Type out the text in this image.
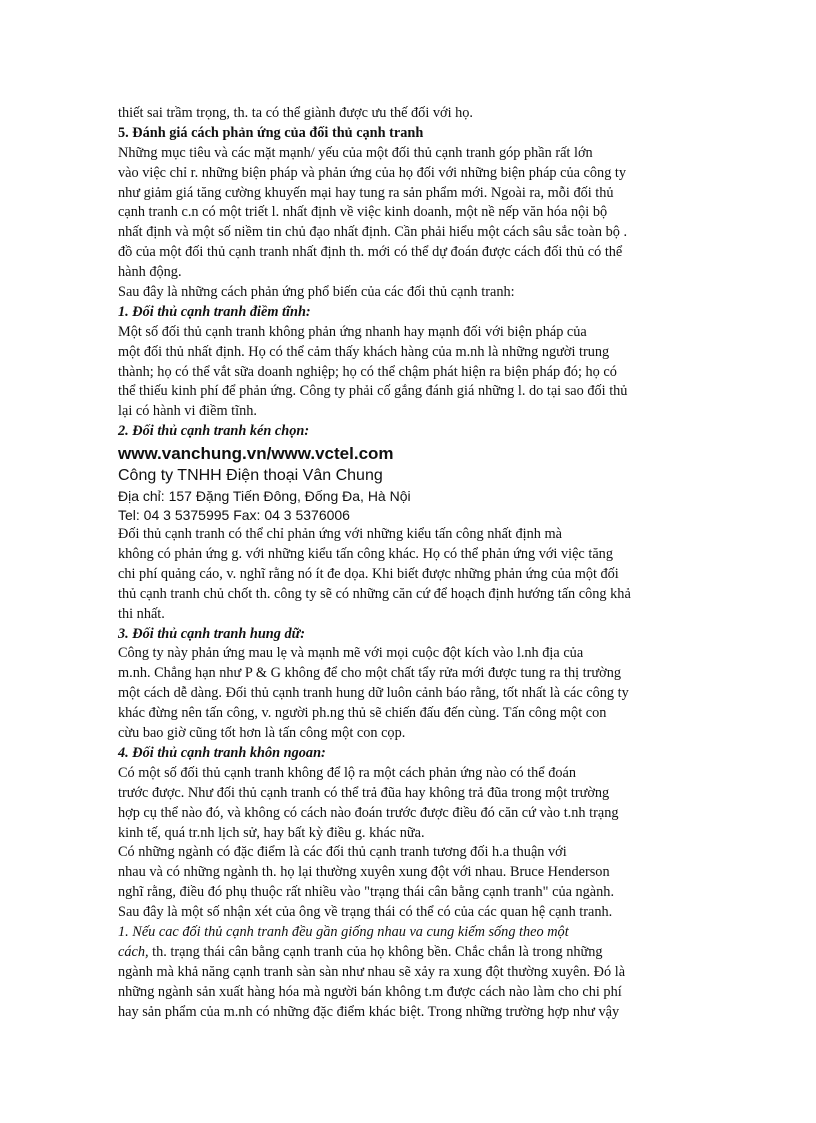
thiết sai trầm trọng, th. ta có thể giành được ưu thế đối với họ.
5. Đánh giá cách phản ứng của đối thủ cạnh tranh
Những mục tiêu và các mặt mạnh/ yếu của một đối thủ cạnh tranh góp phần rất lớn
vào việc chỉ r. những biện pháp và phản ứng của họ đối với những biện pháp của công ty
như giảm giá tăng cường khuyến mại hay tung ra sản phẩm mới. Ngoài ra, mỗi đối thủ
cạnh tranh c.n có một triết l. nhất định về việc kinh doanh, một nề nếp văn hóa nội bộ
nhất định và một số niềm tin chủ đạo nhất định. Cần phải hiểu một cách sâu sắc toàn bộ .
đồ của một đối thủ cạnh tranh nhất định th. mới có thể dự đoán được cách đối thủ có thể
hành động.
Sau đây là những cách phản ứng phổ biến của các đối thủ cạnh tranh:
1. Đối thủ cạnh tranh điềm tĩnh:
Một số đối thủ cạnh tranh không phản ứng nhanh hay mạnh đối với biện pháp của
một đối thủ nhất định. Họ có thể cảm thấy khách hàng của m.nh là những người trung
thành; họ có thể vắt sữa doanh nghiệp; họ có thể chậm phát hiện ra biện pháp đó; họ có
thể thiếu kinh phí để phản ứng. Công ty phải cố gắng đánh giá những l. do tại sao đối thủ
lại có hành vi điềm tĩnh.
2. Đối thủ cạnh tranh kén chọn:
www.vanchung.vn/www.vctel.com
Công ty TNHH Điện thoại Vân Chung
Địa chỉ: 157 Đặng Tiến Đông, Đống Đa, Hà Nội
Tel: 04 3 5375995 Fax: 04 3 5376006
Đối thủ cạnh tranh có thể chỉ phản ứng với những kiểu tấn công nhất định mà
không có phản ứng g. với những kiểu tấn công khác. Họ có thể phản ứng với việc tăng
chi phí quảng cáo, v. nghĩ rằng nó ít đe dọa. Khi biết được những phản ứng của một đối
thủ cạnh tranh chủ chốt th. công ty sẽ có những căn cứ để hoạch định hướng tấn công khả
thi nhất.
3. Đối thủ cạnh tranh hung dữ:
Công ty này phản ứng mau lẹ và mạnh mẽ với mọi cuộc đột kích vào l.nh địa của
m.nh. Chẳng hạn như P & G không để cho một chất tẩy rửa mới được tung ra thị trường
một cách dễ dàng. Đối thủ cạnh tranh hung dữ luôn cảnh báo rằng, tốt nhất là các công ty
khác đừng nên tấn công, v. người ph.ng thủ sẽ chiến đấu đến cùng. Tấn công một con
cừu bao giờ cũng tốt hơn là tấn công một con cọp.
4. Đối thủ cạnh tranh khôn ngoan:
Có một số đối thủ cạnh tranh không để lộ ra một cách phản ứng nào có thể đoán
trước được. Như đối thủ cạnh tranh có thể trả đũa hay không trả đũa trong một trường
hợp cụ thể nào đó, và không có cách nào đoán trước được điều đó căn cứ vào t.nh trạng
kinh tế, quá tr.nh lịch sử, hay bất kỳ điều g. khác nữa.
Có những ngành có đặc điểm là các đối thủ cạnh tranh tương đối h.a thuận với
nhau và có những ngành th. họ lại thường xuyên xung đột với nhau. Bruce Henderson
nghĩ rằng, điều đó phụ thuộc rất nhiều vào "trạng thái cân bằng cạnh tranh" của ngành.
Sau đây là một số nhận xét của ông về trạng thái có thể có của các quan hệ cạnh tranh.
1. Nếu cac đối thủ cạnh tranh đều gần giống nhau va cung kiếm sống theo một
cách, th. trạng thái cân bằng cạnh tranh của họ không bền. Chắc chắn là trong những
ngành mà khả năng cạnh tranh sàn sàn như nhau sẽ xảy ra xung đột thường xuyên. Đó là
những ngành sản xuất hàng hóa mà người bán không t.m được cách nào làm cho chi phí
hay sản phẩm của m.nh có những đặc điểm khác biệt. Trong những trường hợp như vậy
